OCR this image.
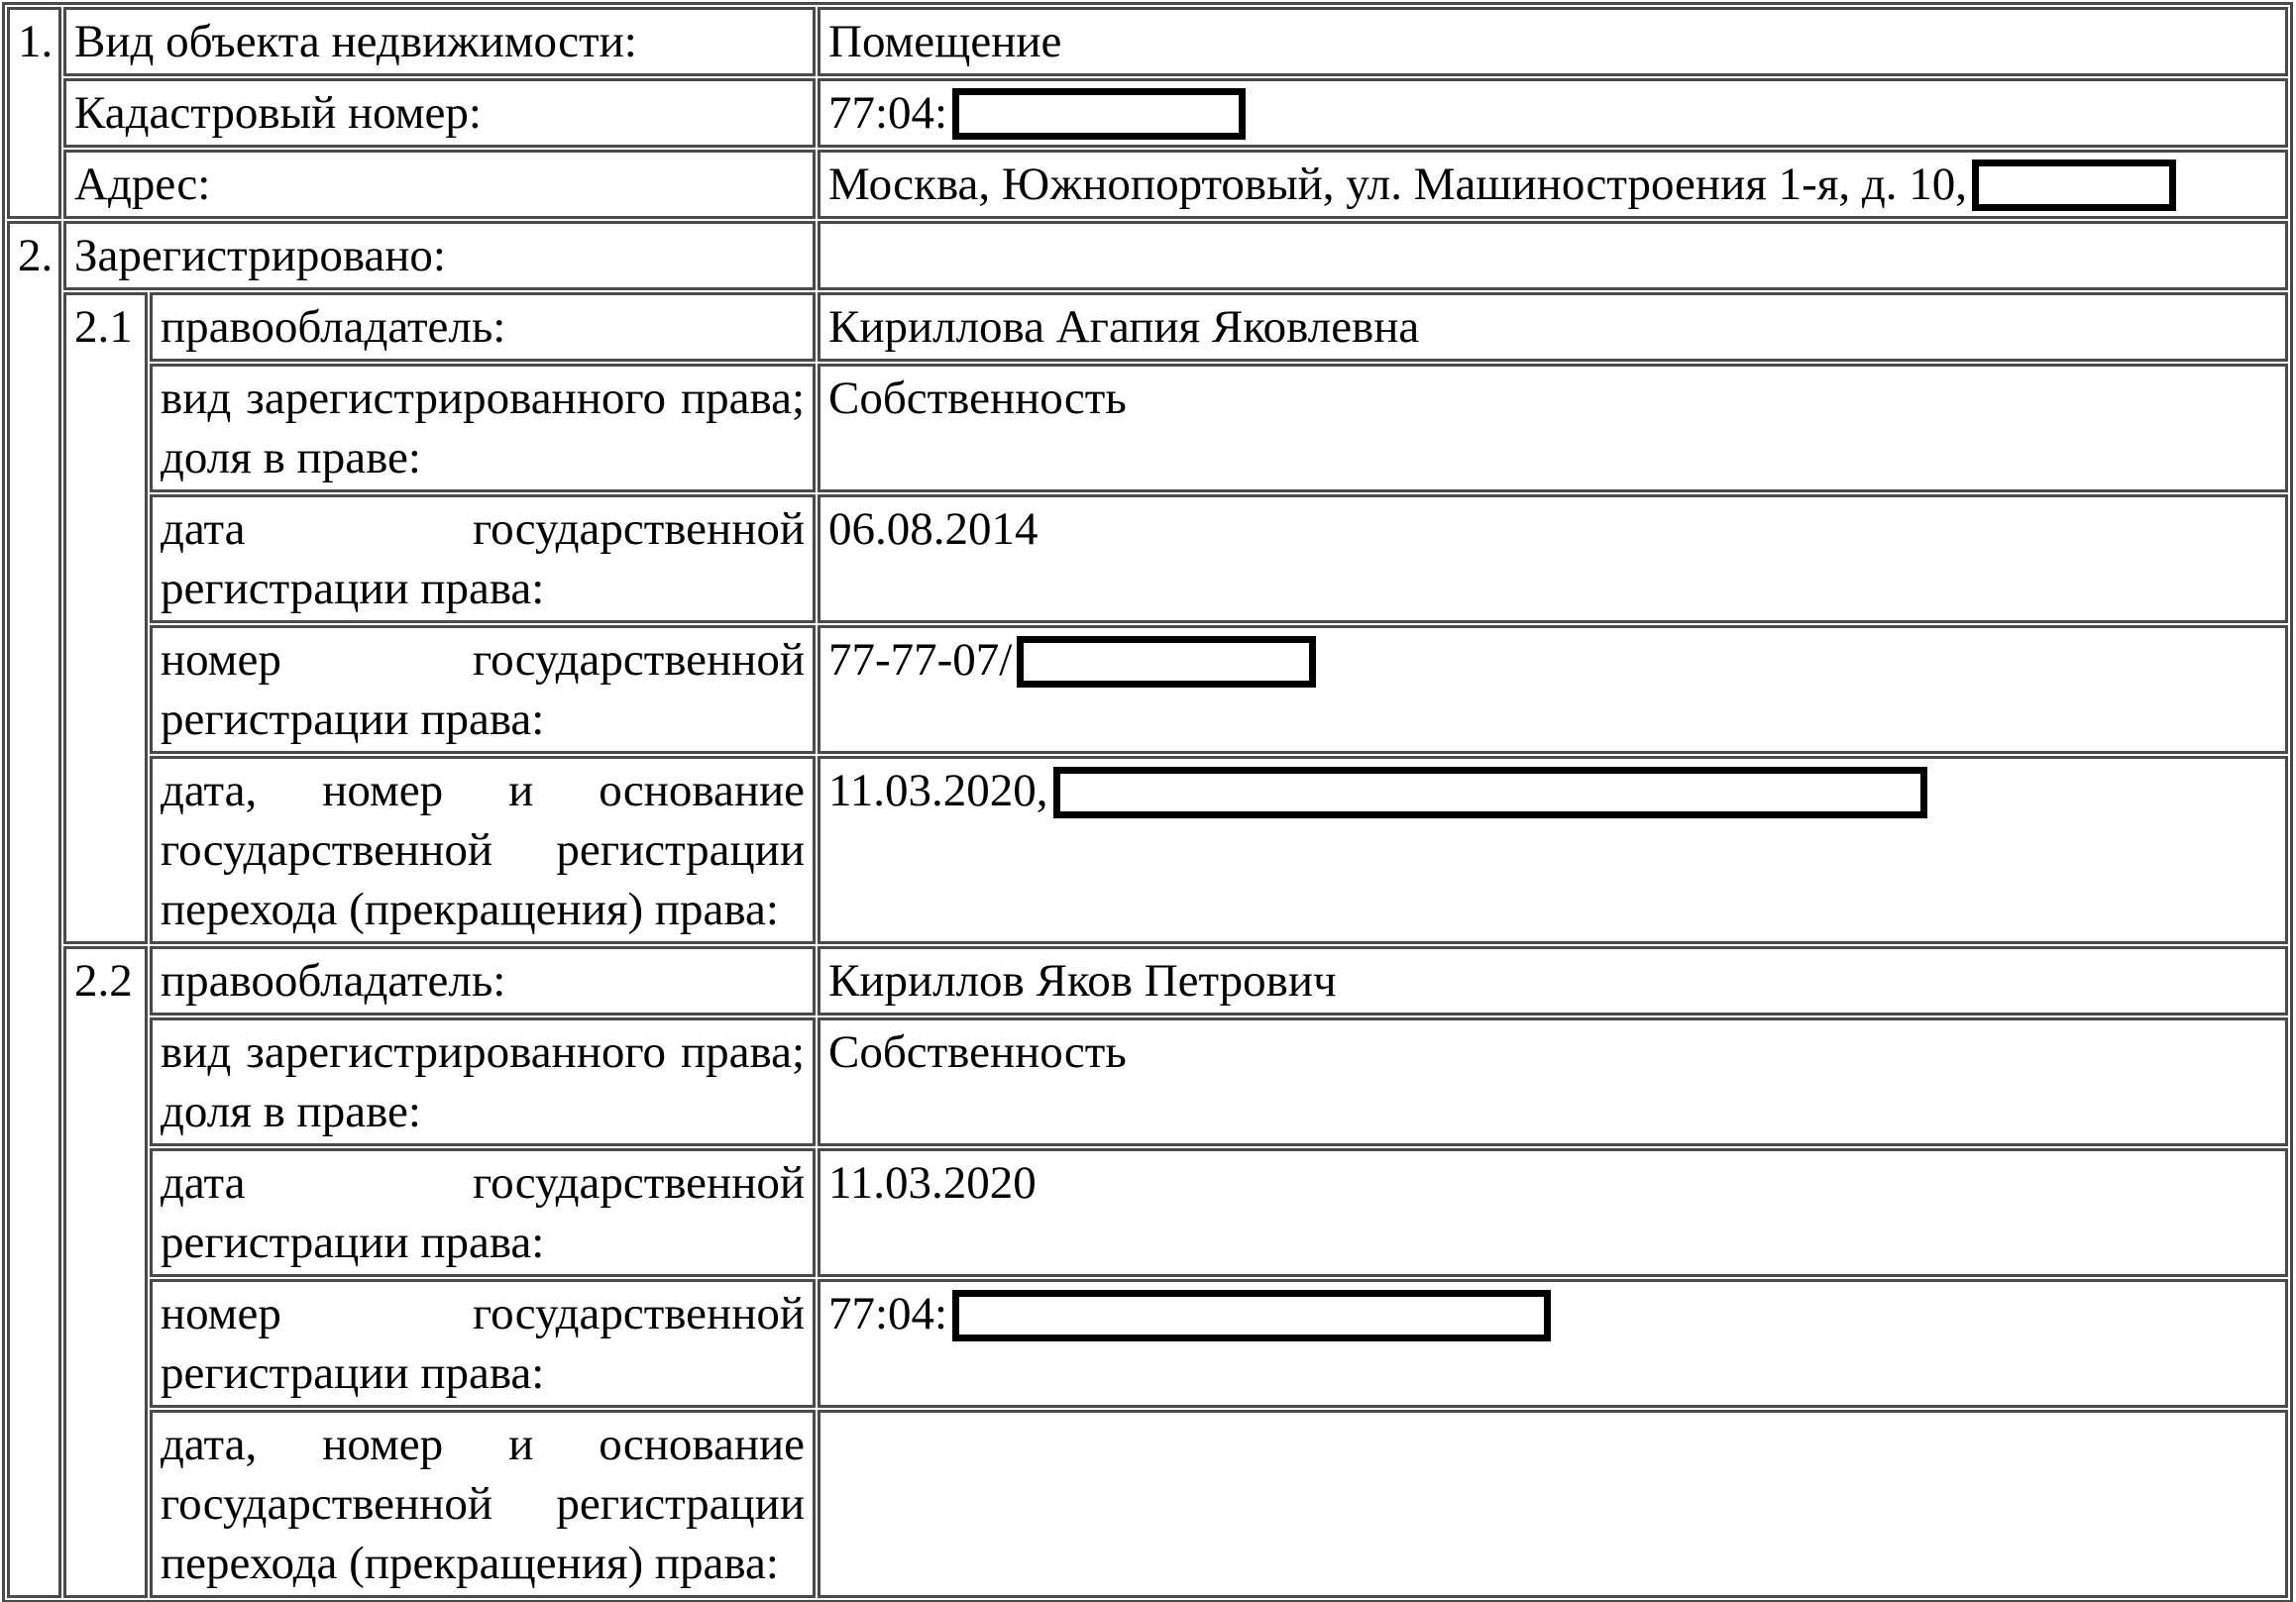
1.	Вид объекта недвижимости:		Помещение
	Кадастровый номер:		77:04:
	Адрес:		Москва, Южнопортовый, ул. Машиностроения 1-я, д. 10,
2.	Зарегистрировано:		
	2.1	правообладатель:	Кириллова Агапия Яковлевна
		вид зарегистрированного права; доля в праве:	Собственность
		дата государственной регистрации права:	06.08.2014
		номер государственной регистрации права:	77-77-07/
		дата, номер и основание государственной регистрации перехода (прекращения) права:	11.03.2020,
	2.2	правообладатель:	Кириллов Яков Петрович
		вид зарегистрированного права; доля в праве:	Собственность
		дата государственной регистрации права:	11.03.2020
		номер государственной регистрации права:	77:04:
		дата, номер и основание государственной регистрации перехода (прекращения) права:	
